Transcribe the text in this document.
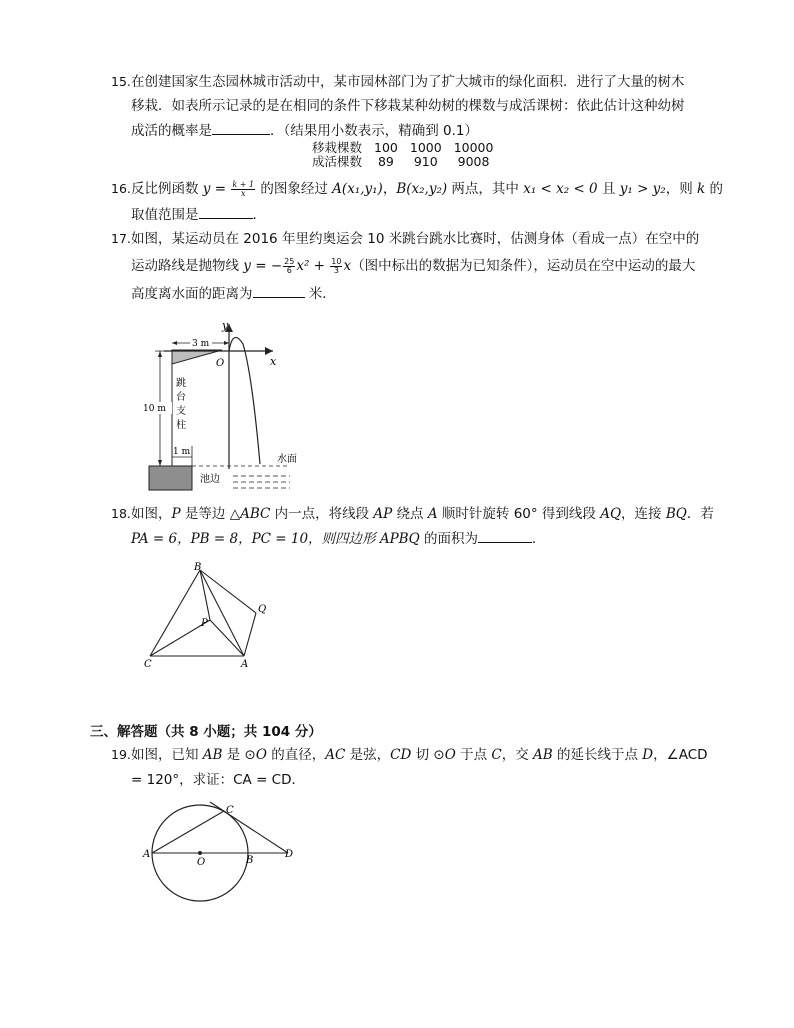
15. 在创建国家生态园林城市活动中，某市园林部门为了扩大城市的绿化面积．进行了大量的树木
移栽．如表所示记录的是在相同的条件下移栽某种幼树的棵数与成活课树：依此估计这种幼树
成活的概率是	．（结果用小数表示，精确到 0.1）
移栽棵数	100	1000	10000
成活棵数	89	910	9008
16. 反比例函数 $y = \frac{k + 1}{x}$ 的图象经过 A(x₁,y₁)，B(x₂,y₂) 两点，其中 x₁ < x₂ < 0 且 y₁ > y₂，则 k 的
取值范围是	．
17. 如图，某运动员在 2016 年里约奥运会 10 米跳台跳水比赛时，估测身体（看成一点）在空中的
运动路线是抛物线 y = − $\frac{25}{6} x^2 + \frac{10}{3} x$（图中标出的数据为已知条件），运动员在空中运动的最大
高度离水面的距离为	米．
y
x
O
3 m
10 m
跳
台
支
柱
1 m
水面
池边
18. 如图，P 是等边 △ABC 内一点，将线段 AP 绕点 A 顺时针旋转 60° 得到线段 AQ，连接 BQ．若
PA = 6，PB = 8，PC = 10，则四边形 APBQ 的面积为	．
B
Q
P
C	A
三、解答题（共 8 小题；共 104 分）
19. 如图，已知 AB 是 ⊙O 的直径，AC 是弦，CD 切 ⊙O 于点 C，交 AB 的延长线于点 D，∠ACD
= 120°，求证：CA = CD．
A
O	B
C
D
